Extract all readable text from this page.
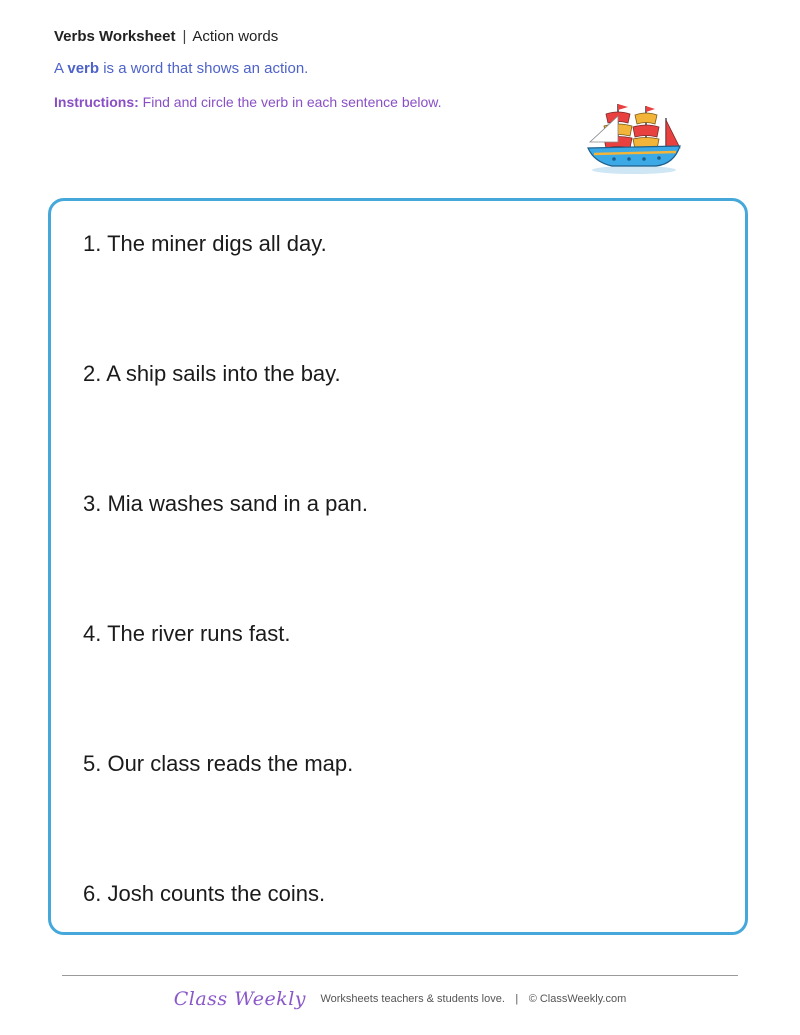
Verbs Worksheet | Action words
A verb is a word that shows an action.
Instructions: Find and circle the verb in each sentence below.
1. The miner digs all day.
2. A ship sails into the bay.
3. Mia washes sand in a pan.
4. The river runs fast.
5. Our class reads the map.
6. Josh counts the coins.
Class Weekly Worksheets teachers & students love. | © ClassWeekly.com
